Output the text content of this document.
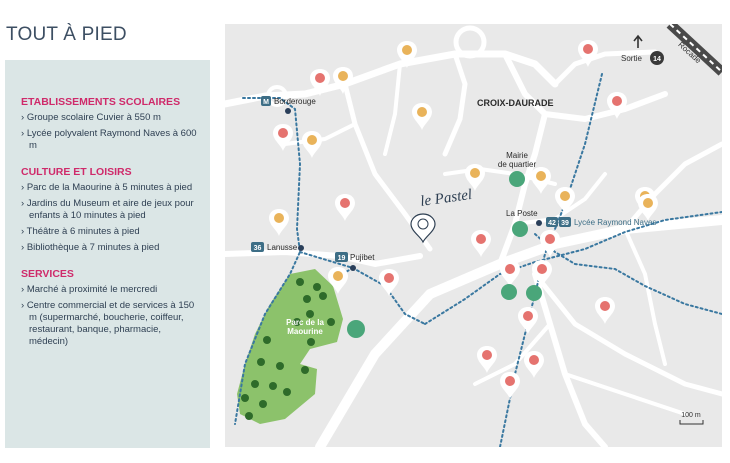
TOUT À PIED
ETABLISSEMENTS SCOLAIRES
› Groupe scolaire Cuvier à 550 m
› Lycée polyvalent Raymond Naves à 600 m
CULTURE ET LOISIRS
› Parc de la Maourine à 5 minutes à pied
› Jardins du Museum et aire de jeux pour enfants à 10 minutes à pied
› Théâtre à 6 minutes à pied
› Bibliothèque à 7 minutes à pied
SERVICES
› Marché à proximité le mercredi
› Centre commercial et de services à 150 m (supermarché, boucherie, coiffeur, restaurant, banque, pharmacie, médecin)
Rocade
Sortie 14
Parc de la
Maourine
CROIX-DAURADE
Mairie
de quartier
La Poste
M Borderouge
36 Lanusse
19 Pujibet
42 39 Lycée Raymond Naves
le Pastel
100 m
